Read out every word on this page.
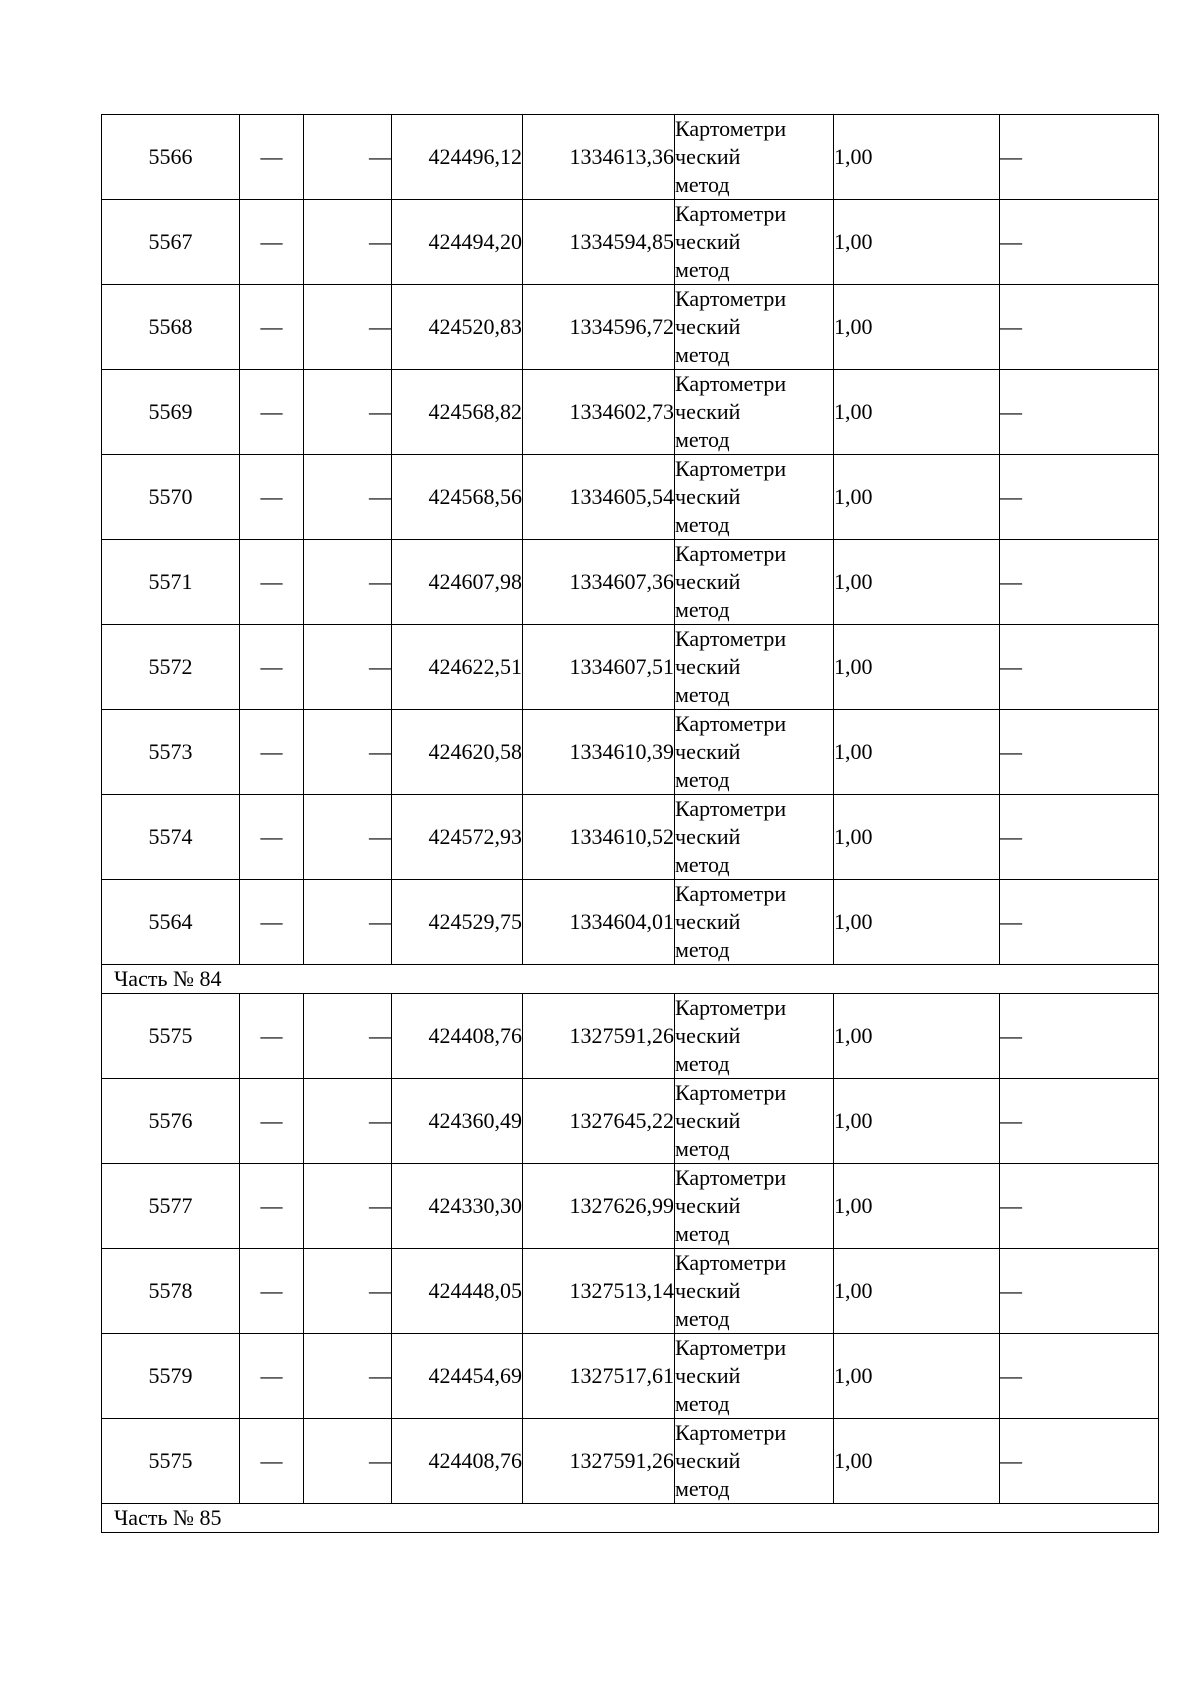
5566	—	—	424496,12	1334613,36	Картометри
ческий
метод	1,00	—
5567	—	—	424494,20	1334594,85	Картометри
ческий
метод	1,00	—
5568	—	—	424520,83	1334596,72	Картометри
ческий
метод	1,00	—
5569	—	—	424568,82	1334602,73	Картометри
ческий
метод	1,00	—
5570	—	—	424568,56	1334605,54	Картометри
ческий
метод	1,00	—
5571	—	—	424607,98	1334607,36	Картометри
ческий
метод	1,00	—
5572	—	—	424622,51	1334607,51	Картометри
ческий
метод	1,00	—
5573	—	—	424620,58	1334610,39	Картометри
ческий
метод	1,00	—
5574	—	—	424572,93	1334610,52	Картометри
ческий
метод	1,00	—
5564	—	—	424529,75	1334604,01	Картометри
ческий
метод	1,00	—
Часть № 84							
5575	—	—	424408,76	1327591,26	Картометри
ческий
метод	1,00	—
5576	—	—	424360,49	1327645,22	Картометри
ческий
метод	1,00	—
5577	—	—	424330,30	1327626,99	Картометри
ческий
метод	1,00	—
5578	—	—	424448,05	1327513,14	Картометри
ческий
метод	1,00	—
5579	—	—	424454,69	1327517,61	Картометри
ческий
метод	1,00	—
5575	—	—	424408,76	1327591,26	Картометри
ческий
метод	1,00	—
Часть № 85							
